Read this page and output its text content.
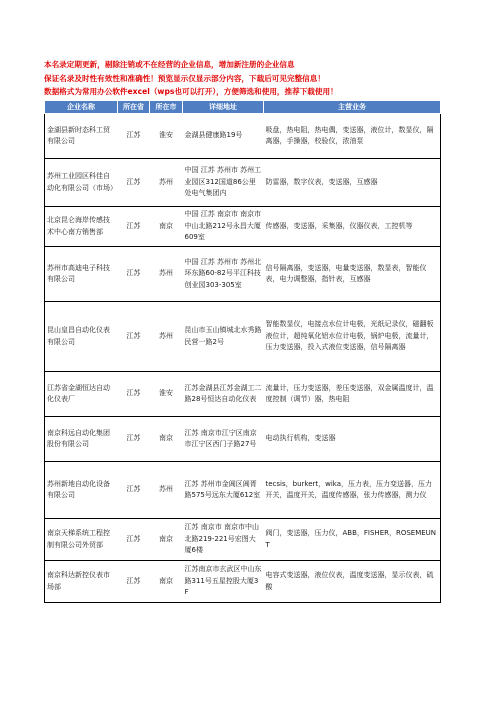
本名录定期更新，剔除注销或不在经营的企业信息，增加新注册的企业信息
保证名录及时性有效性和准确性！预览显示仅显示部分内容，下载后可见完整信息！
数据格式为常用办公软件excel（wps也可以打开），方便筛选和使用，推荐下载使用！
企业名称	所在省	所在市	详细地址	主营业务
金湖县新时态科工贸有限公司	江苏	淮安	金湖县健康路19号	吸盘，热电阻，热电偶，变送器，液位计，数显仪，隔离器，手操器，校验仪，浓油泵
苏州工业园区科佳自动化有限公司（市场）	江苏	苏州	中国 江苏 苏州市 苏州工业园区312国道86公里处电气集团内	防雷器，数字仪表，变送器，互感器
北京昆仑海岸传感技术中心南方销售部	江苏	南京	中国 江苏 南京市 南京市中山北路212号永昌大厦609室	传感器，变送器，采集器，仪器仪表，工控机等
苏州市高迪电子科技有限公司	江苏	苏州	中国 江苏 苏州市 苏州北环东路60-82号平江科技创业园303-305室	信号隔离器，变送器，电量变送器，数显表，智能仪表，电力调整器，指针表，互感器
昆山皇昌自动化仪表有限公司	江苏	苏州	昆山市玉山镇城北水秀路民营一路2号	智能数显仪，电接点水位计电极，光纸记录仪，磁翻板液位计，超纯氧化铝水位计电极，锅炉电极，流量计，压力变送器，投入式液位变送器，信号隔离器
江苏省金湖恒达自动化仪表厂	江苏	淮安	江苏金湖县江苏金湖工二路28号恒达自动化仪表	流量计，压力变送器，差压变送器，双金属温度计，温度控制（调节）器，热电阻
南京科远自动化集团股份有限公司	江苏	南京	江苏 南京市江宁区南京市江宁区西门子路27号	电动执行机构，变送器
苏州新地自动化设备有限公司	江苏	苏州	江苏 苏州市金阊区阊胥路575号远东大厦612室	tecsis，burkert，wika，压力表，压力变送器，压力开关，温度开关，温度传感器，张力传感器，测力仪
南京天梯系统工程控制有限公司外贸部	江苏	南京	江苏 南京市 南京市中山北路219-221号宏图大厦6楼	阀门，变送器，压力仪，ABB，FISHER，ROSEMEUNT
南京科达新控仪表市场部	江苏	南京	江苏南京市玄武区中山东路311号五星控股大厦3F	电容式变送器，液位仪表，温度变送器，显示仪表，硫酸
